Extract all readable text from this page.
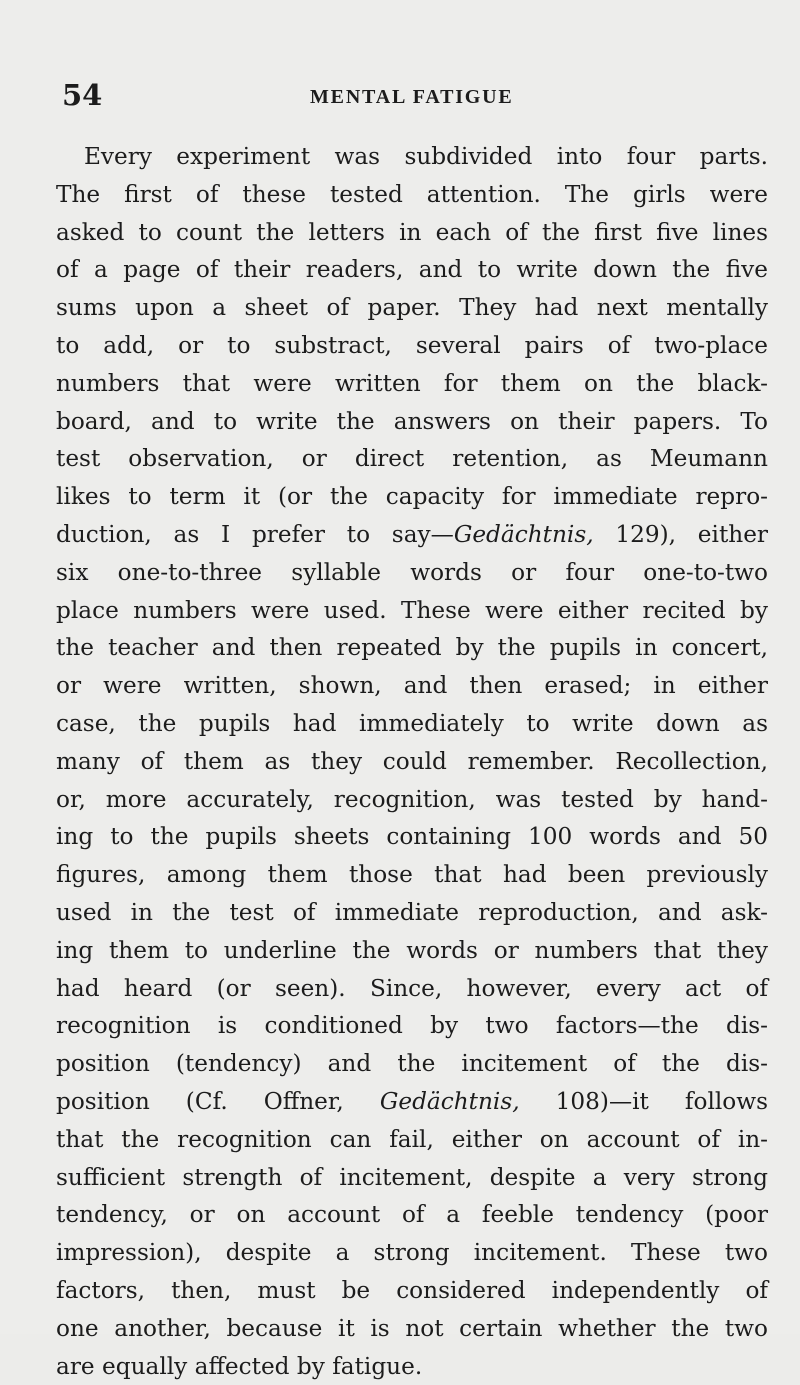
54	MENTAL FATIGUE
Every experiment was subdivided into four parts.
The first of these tested attention. The girls were
asked to count the letters in each of the first five lines
of a page of their readers, and to write down the five
sums upon a sheet of paper. They had next mentally
to add, or to substract, several pairs of two-place
numbers that were written for them on the black-
board, and to write the answers on their papers. To
test observation, or direct retention, as Meumann
likes to term it (or the capacity for immediate repro-
duction, as I prefer to say—Gedächtnis, 129), either
six one-to-three syllable words or four one-to-two
place numbers were used. These were either recited by
the teacher and then repeated by the pupils in concert,
or were written, shown, and then erased; in either
case, the pupils had immediately to write down as
many of them as they could remember. Recollection,
or, more accurately, recognition, was tested by hand-
ing to the pupils sheets containing 100 words and 50
figures, among them those that had been previously
used in the test of immediate reproduction, and ask-
ing them to underline the words or numbers that they
had heard (or seen). Since, however, every act of
recognition is conditioned by two factors—the dis-
position (tendency) and the incitement of the dis-
position (Cf. Offner, Gedächtnis, 108)—it follows
that the recognition can fail, either on account of in-
sufficient strength of incitement, despite a very strong
tendency, or on account of a feeble tendency (poor
impression), despite a strong incitement. These two
factors, then, must be considered independently of
one another, because it is not certain whether the two
are equally affected by fatigue.
